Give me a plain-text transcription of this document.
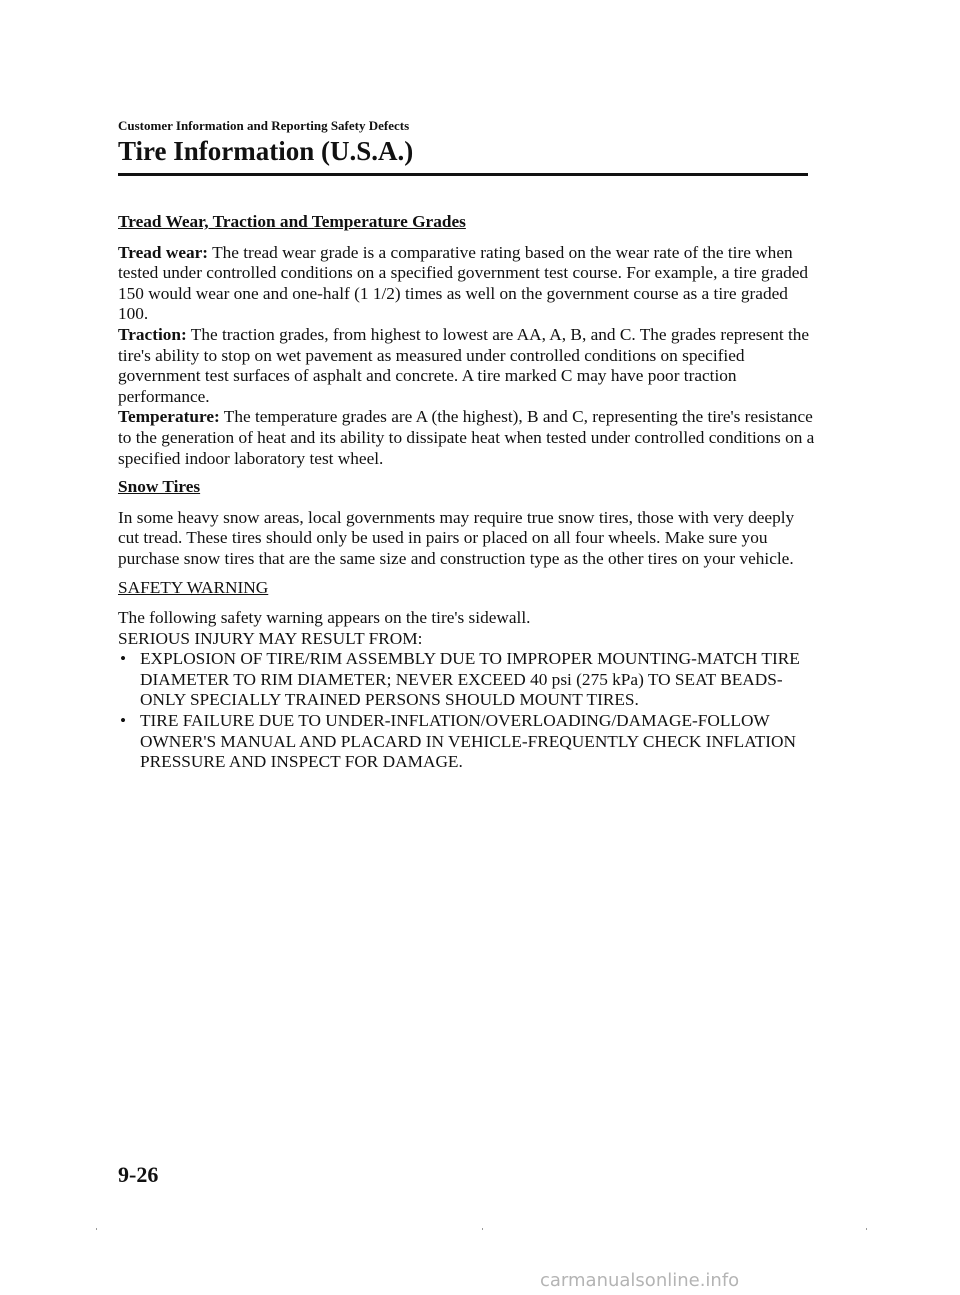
Customer Information and Reporting Safety Defects
Tire Information (U.S.A.)
Tread Wear, Traction and Temperature Grades

Tread wear: The tread wear grade is a comparative rating based on the wear rate of the tire when tested under controlled conditions on a specified government test course. For example, a tire graded 150 would wear one and one-half (1 1/2) times as well on the government course as a tire graded 100.

Traction: The traction grades, from highest to lowest are AA, A, B, and C. The grades represent the tire's ability to stop on wet pavement as measured under controlled conditions on specified government test surfaces of asphalt and concrete. A tire marked C may have poor traction performance.

Temperature: The temperature grades are A (the highest), B and C, representing the tire's resistance to the generation of heat and its ability to dissipate heat when tested under controlled conditions on a specified indoor laboratory test wheel.

Snow Tires

In some heavy snow areas, local governments may require true snow tires, those with very deeply cut tread. These tires should only be used in pairs or placed on all four wheels. Make sure you purchase snow tires that are the same size and construction type as the other tires on your vehicle.

SAFETY WARNING

The following safety warning appears on the tire's sidewall.

SERIOUS INJURY MAY RESULT FROM:

• EXPLOSION OF TIRE/RIM ASSEMBLY DUE TO IMPROPER MOUNTING-MATCH TIRE DIAMETER TO RIM DIAMETER; NEVER EXCEED 40 psi (275 kPa) TO SEAT BEADS-ONLY SPECIALLY TRAINED PERSONS SHOULD MOUNT TIRES.
• TIRE FAILURE DUE TO UNDER-INFLATION/OVERLOADING/DAMAGE-FOLLOW OWNER'S MANUAL AND PLACARD IN VEHICLE-FREQUENTLY CHECK INFLATION PRESSURE AND INSPECT FOR DAMAGE.
9-26
carmanualsonline.info
